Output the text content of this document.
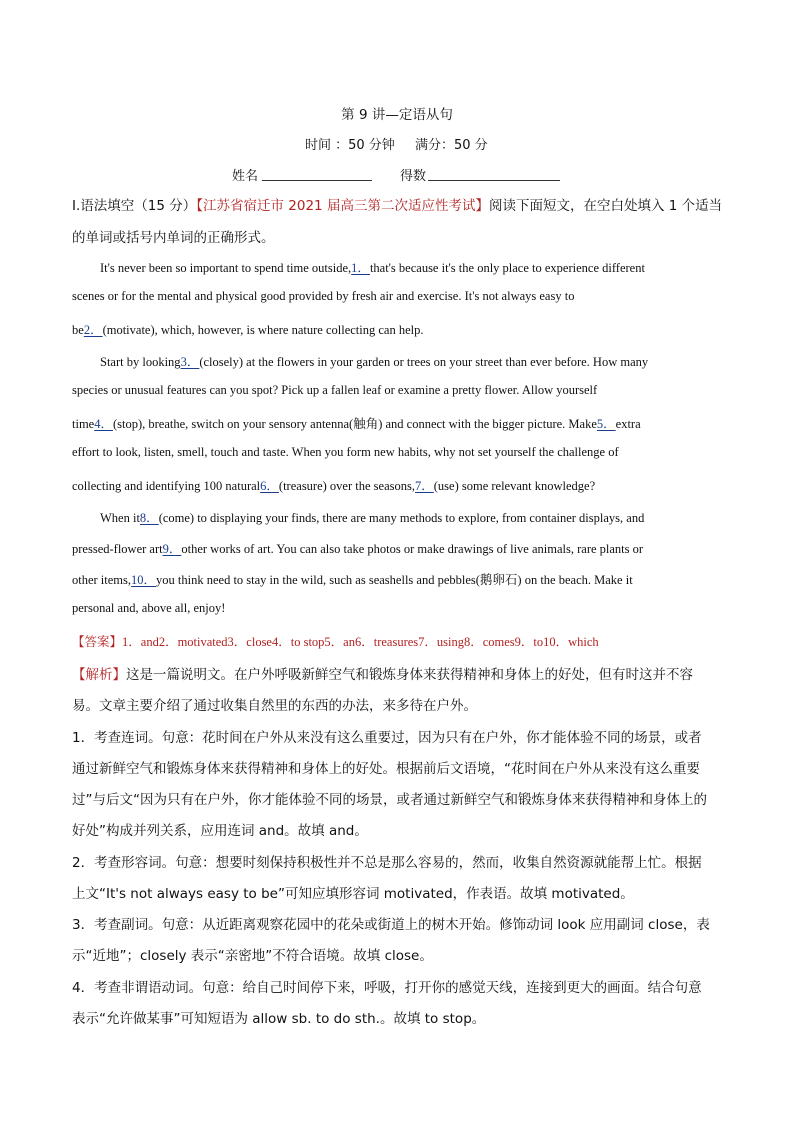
第 9 讲—定语从句
时间 ：50 分钟 满分：50 分
姓名	得数
I.语法填空（15 分）【江苏省宿迁市 2021 届高三第二次适应性考试】阅读下面短文，在空白处填入 1 个适当
的单词或括号内单词的正确形式。
It's never been so important to spend time outside,1．that's because it's the only place to experience different
scenes or for the mental and physical good provided by fresh air and exercise. It's not always easy to
be2．(motivate), which, however, is where nature collecting can help.
Start by looking3．(closely) at the flowers in your garden or trees on your street than ever before. How many
species or unusual features can you spot? Pick up a fallen leaf or examine a pretty flower. Allow yourself
time4．(stop), breathe, switch on your sensory antenna(触角) and connect with the bigger picture. Make5．extra
effort to look, listen, smell, touch and taste. When you form new habits, why not set yourself the challenge of
collecting and identifying 100 natural6．(treasure) over the seasons,7．(use) some relevant knowledge?
When it8．(come) to displaying your finds, there are many methods to explore, from container displays, and
pressed-flower art9．other works of art. You can also take photos or make drawings of live animals, rare plants or
other items,10．you think need to stay in the wild, such as seashells and pebbles(鹅卵石) on the beach. Make it
personal and, above all, enjoy!
【答案】1．and2．motivated3．close4．to stop5．an6．treasures7．using8．comes9．to10．which
【解析】这是一篇说明文。在户外呼吸新鲜空气和锻炼身体来获得精神和身体上的好处，但有时这并不容
易。文章主要介绍了通过收集自然里的东西的办法，来多待在户外。
1．考查连词。句意：花时间在户外从来没有这么重要过，因为只有在户外，你才能体验不同的场景，或者
通过新鲜空气和锻炼身体来获得精神和身体上的好处。根据前后文语境，“花时间在户外从来没有这么重要
过”与后文“因为只有在户外，你才能体验不同的场景，或者通过新鲜空气和锻炼身体来获得精神和身体上的
好处”构成并列关系，应用连词 and。故填 and。
2．考查形容词。句意：想要时刻保持积极性并不总是那么容易的，然而，收集自然资源就能帮上忙。根据
上文“It's not always easy to be”可知应填形容词 motivated，作表语。故填 motivated。
3．考查副词。句意：从近距离观察花园中的花朵或街道上的树木开始。修饰动词 look 应用副词 close，表
示“近地”；closely 表示“亲密地”不符合语境。故填 close。
4．考查非谓语动词。句意：给自己时间停下来，呼吸，打开你的感觉天线，连接到更大的画面。结合句意
表示“允许做某事”可知短语为 allow sb. to do sth.。故填 to stop。
